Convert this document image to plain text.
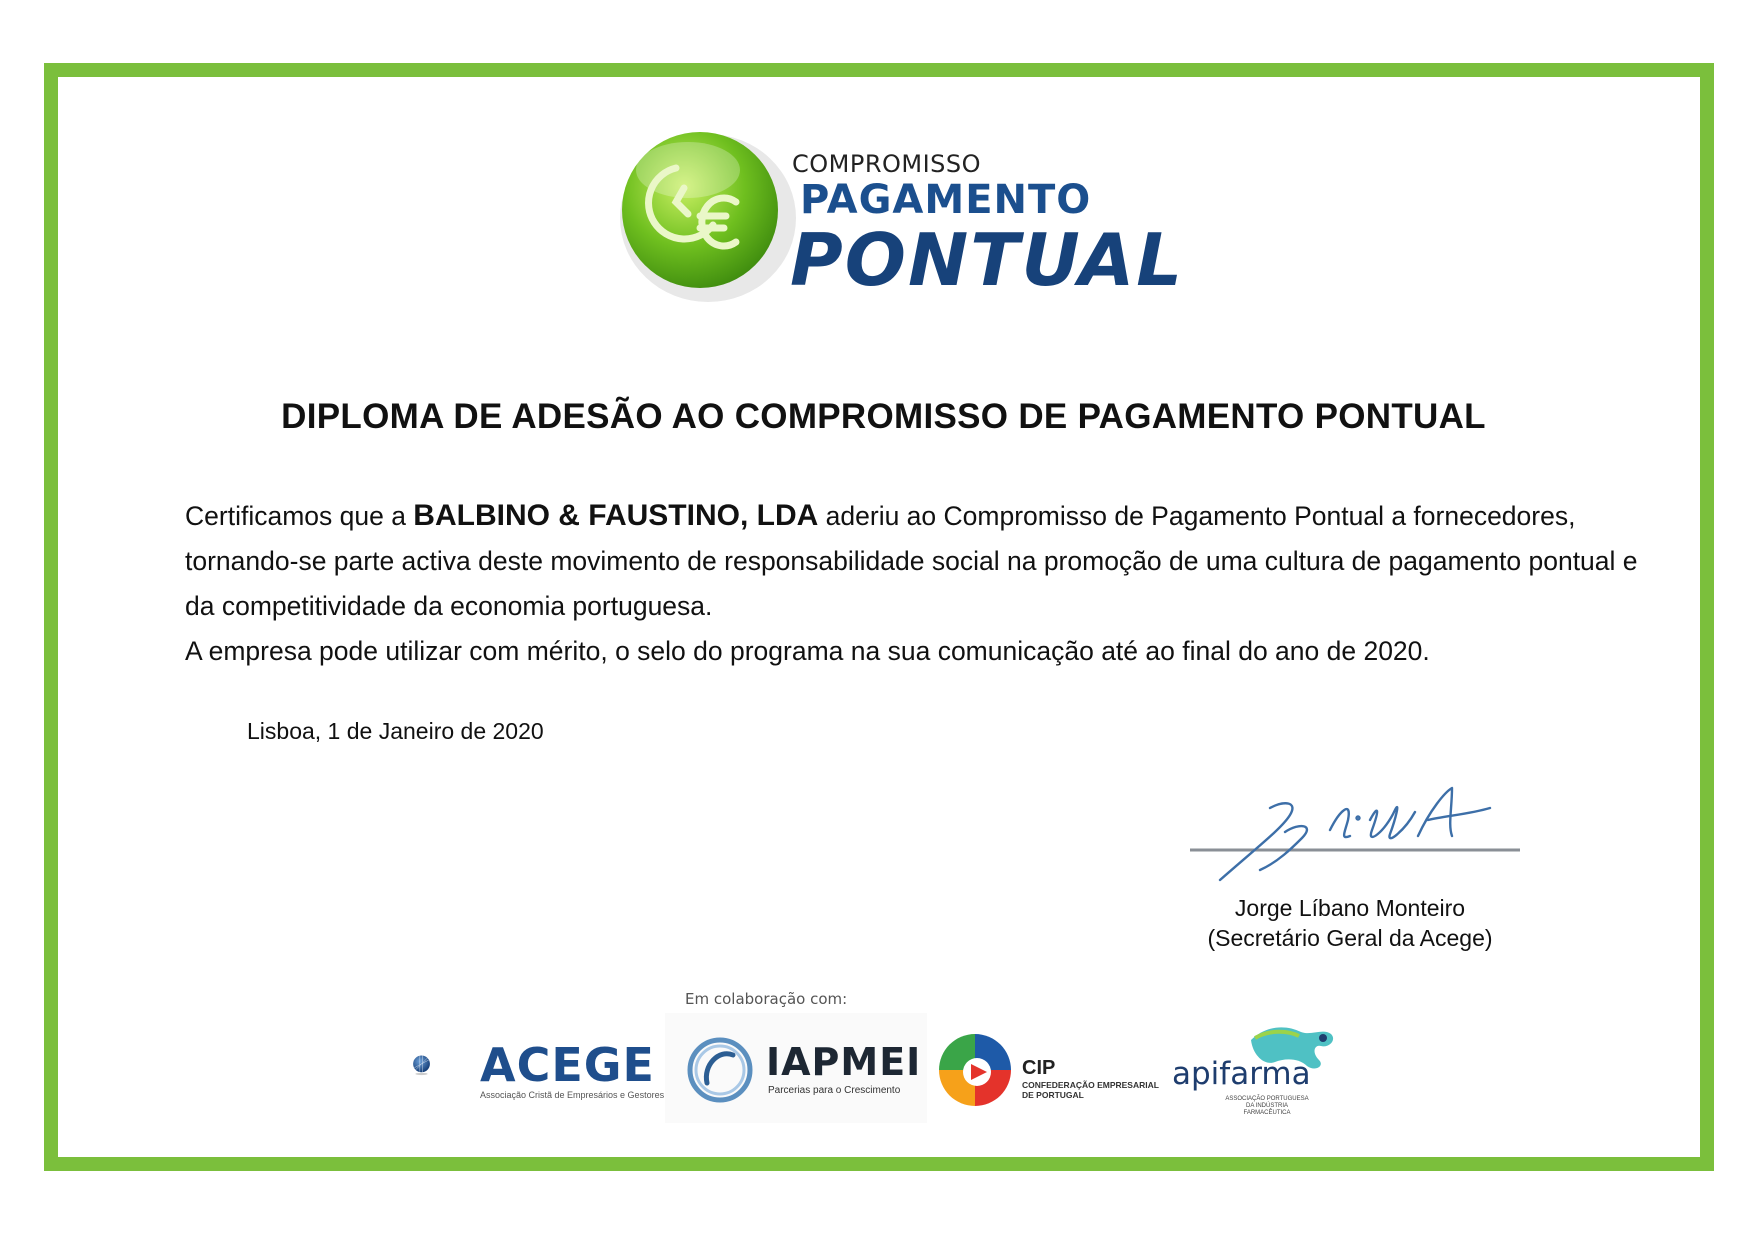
COMPROMISSO
PAGAMENTO
PONTUAL
DIPLOMA DE ADESÃO AO COMPROMISSO DE PAGAMENTO PONTUAL

Certificamos que a BALBINO & FAUSTINO, LDA aderiu ao Compromisso de Pagamento Pontual a fornecedores, tornando-se parte activa deste movimento de responsabilidade social na promoção de uma cultura de pagamento pontual e da competitividade da economia portuguesa.

A empresa pode utilizar com mérito, o selo do programa na sua comunicação até ao final do ano de 2020.

Lisboa, 1 de Janeiro de 2020
Jorge Líbano Monteiro
(Secretário Geral da Acege)
Em colaboração com:
ACEGE
Associação Cristã de Empresários e Gestores
IAPMEI
Parcerias para o Crescimento
CIP
CONFEDERAÇÃO EMPRESARIAL
DE PORTUGAL
apifarma
ASSOCIAÇÃO PORTUGUESA DA INDÚSTRIA FARMACÊUTICA
